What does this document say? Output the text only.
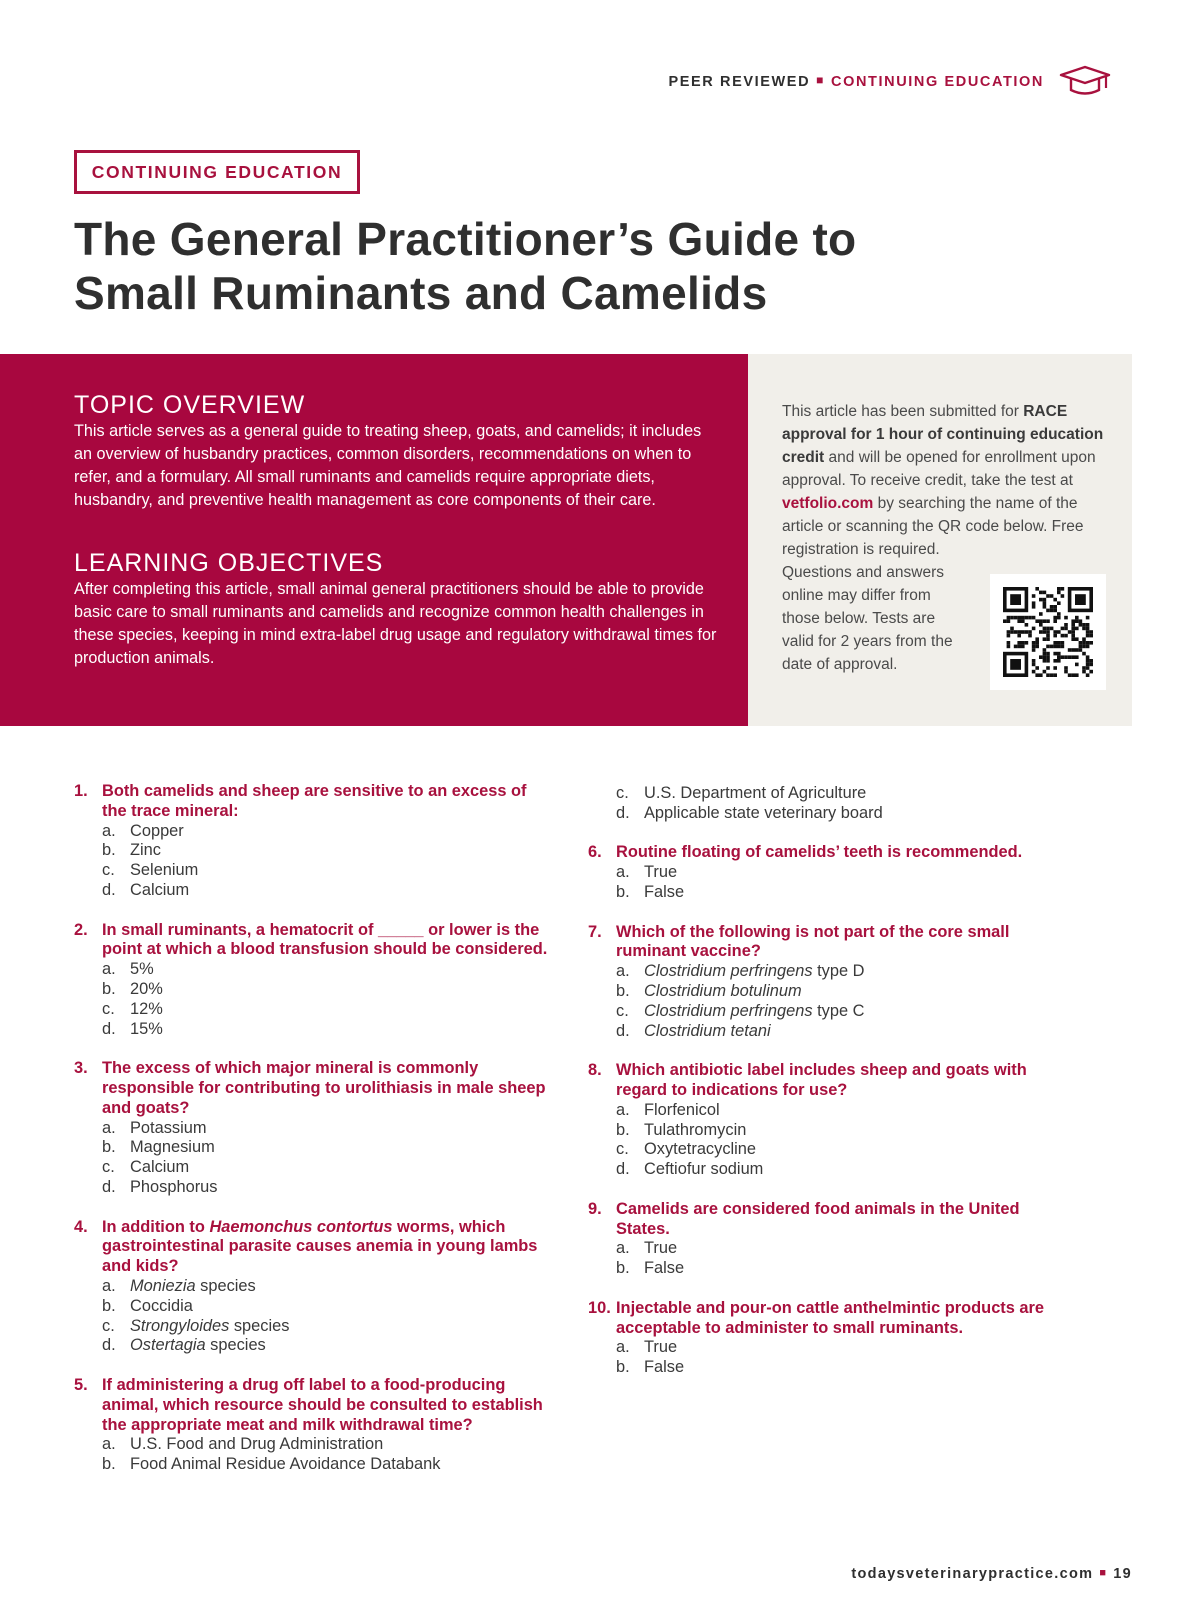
PEER REVIEWED ■ CONTINUING EDUCATION
CONTINUING EDUCATION
The General Practitioner’s Guide to
Small Ruminants and Camelids
TOPIC OVERVIEW

This article serves as a general guide to treating sheep, goats, and camelids; it includes an overview of husbandry practices, common disorders, recommendations on when to refer, and a formulary. All small ruminants and camelids require appropriate diets, husbandry, and preventive health management as core components of their care.

LEARNING OBJECTIVES

After completing this article, small animal general practitioners should be able to provide basic care to small ruminants and camelids and recognize common health challenges in these species, keeping in mind extra-label drug usage and regulatory withdrawal times for production animals.

This article has been submitted for RACE approval for 1 hour of continuing education credit and will be opened for enrollment upon approval. To receive credit, take the test at vetfolio.com by searching the name of the article or scanning the QR code below. Free registration is required.

Questions and answers
online may differ from
those below. Tests are
valid for 2 years from the
date of approval.
1. Both camelids and sheep are sensitive to an excess of the trace mineral:
a. Copper
b. Zinc
c. Selenium
d. Calcium
2. In small ruminants, a hematocrit of _____ or lower is the point at which a blood transfusion should be considered.
a. 5%
b. 20%
c. 12%
d. 15%
3. The excess of which major mineral is commonly responsible for contributing to urolithiasis in male sheep and goats?
a. Potassium
b. Magnesium
c. Calcium
d. Phosphorus
4. In addition to Haemonchus contortus worms, which gastrointestinal parasite causes anemia in young lambs and kids?
a. Moniezia species
b. Coccidia
c. Strongyloides species
d. Ostertagia species
5. If administering a drug off label to a food-producing animal, which resource should be consulted to establish the appropriate meat and milk withdrawal time?
a. U.S. Food and Drug Administration
b. Food Animal Residue Avoidance Databank
c. U.S. Department of Agriculture
d. Applicable state veterinary board
6. Routine floating of camelids’ teeth is recommended.
a. True
b. False
7. Which of the following is not part of the core small ruminant vaccine?
a. Clostridium perfringens type D
b. Clostridium botulinum
c. Clostridium perfringens type C
d. Clostridium tetani
8. Which antibiotic label includes sheep and goats with regard to indications for use?
a. Florfenicol
b. Tulathromycin
c. Oxytetracycline
d. Ceftiofur sodium
9. Camelids are considered food animals in the United States.
a. True
b. False
10. Injectable and pour-on cattle anthelmintic products are acceptable to administer to small ruminants.
a. True
b. False
todaysveterinarypractice.com ■ 19
